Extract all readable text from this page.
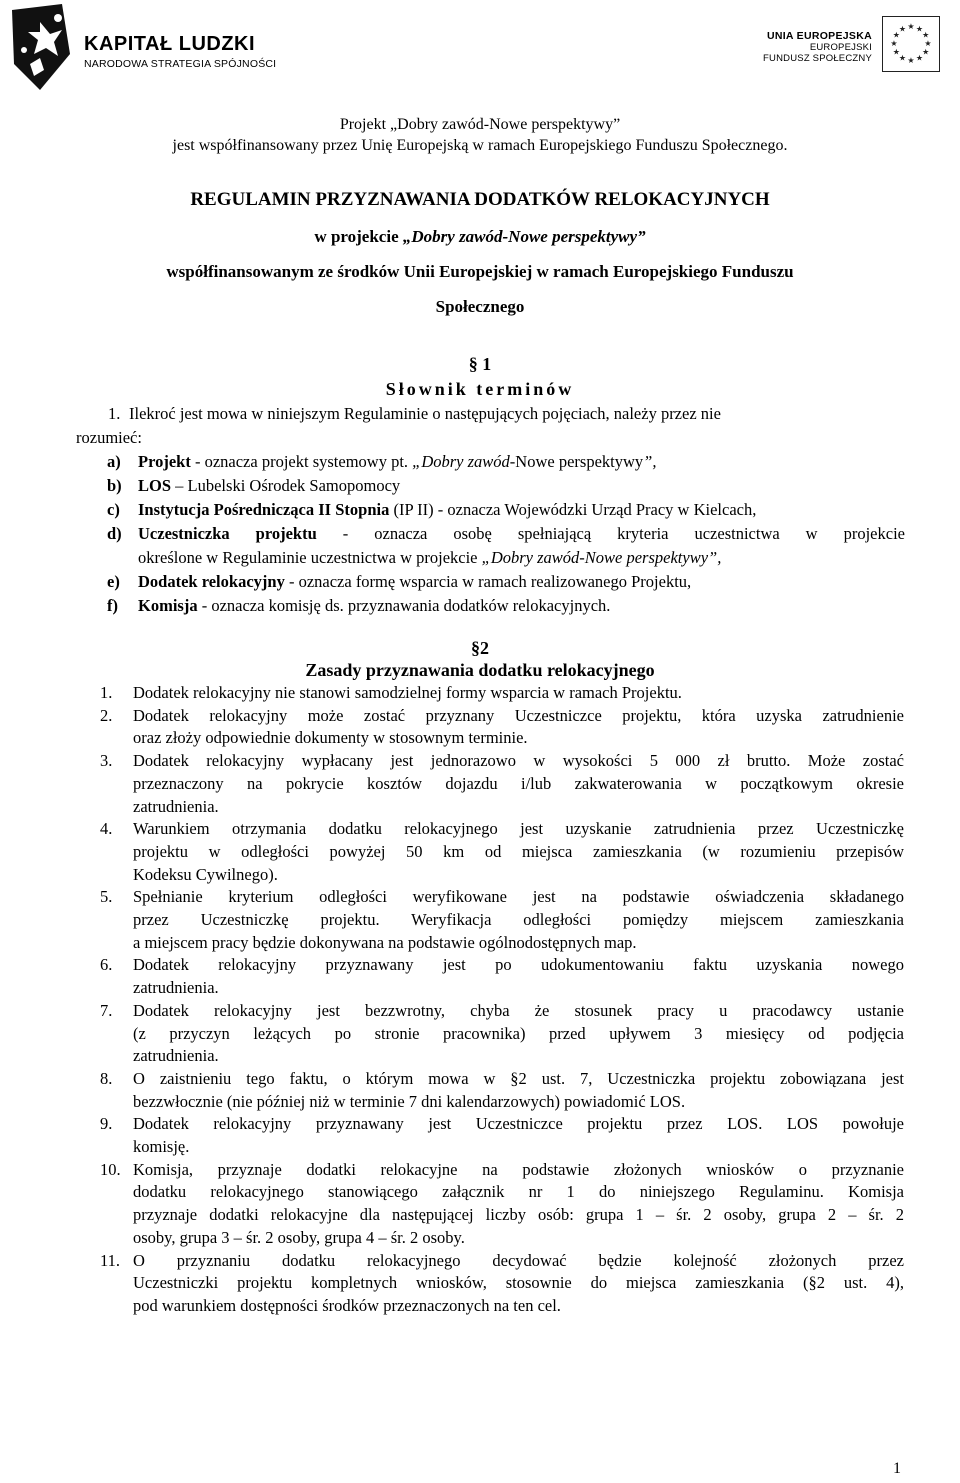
KAPITAŁ LUDZKI
NARODOWA STRATEGIA SPÓJNOŚCI
UNIA EUROPEJSKA
EUROPEJSKI
FUNDUSZ SPOŁECZNY
★ ★
★
★
★
★
★
★
★
★
★
★
Projekt „Dobry zawód-Nowe perspektywy”
jest współfinansowany przez Unię Europejską w ramach Europejskiego Funduszu Społecznego.
REGULAMIN PRZYZNAWANIA DODATKÓW RELOKACYJNYCH
w projekcie „Dobry zawód-Nowe perspektywy”
współfinansowanym ze środków Unii Europejskiej w ramach Europejskiego Funduszu
Społecznego
§ 1
Słownik terminów
1. Ilekroć jest mowa w niniejszym Regulaminie o następujących pojęciach, należy przez nie
rozumieć:
a) Projekt - oznacza projekt systemowy pt. „Dobry zawód-Nowe perspektywy”,
b) LOS – Lubelski Ośrodek Samopomocy
c) Instytucja Pośrednicząca II Stopnia (IP II) - oznacza Wojewódzki Urząd Pracy w Kielcach,
d) Uczestniczka projektu - oznacza osobę spełniającą kryteria uczestnictwa w projekcie
określone w Regulaminie uczestnictwa w projekcie „Dobry zawód-Nowe perspektywy”,
e) Dodatek relokacyjny - oznacza formę wsparcia w ramach realizowanego Projektu,
f) Komisja - oznacza komisję ds. przyznawania dodatków relokacyjnych.
§2
Zasady przyznawania dodatku relokacyjnego
1. Dodatek relokacyjny nie stanowi samodzielnej formy wsparcia w ramach Projektu.
2. Dodatek relokacyjny może zostać przyznany Uczestniczce projektu, która uzyska zatrudnienie
oraz złoży odpowiednie dokumenty w stosownym terminie.
3. Dodatek relokacyjny wypłacany jest jednorazowo w wysokości 5 000 zł brutto. Może zostać
przeznaczony na pokrycie kosztów dojazdu i/lub zakwaterowania w początkowym okresie
zatrudnienia.
4. Warunkiem otrzymania dodatku relokacyjnego jest uzyskanie zatrudnienia przez Uczestniczkę
projektu w odległości powyżej 50 km od miejsca zamieszkania (w rozumieniu przepisów
Kodeksu Cywilnego).
5. Spełnianie kryterium odległości weryfikowane jest na podstawie oświadczenia składanego
przez Uczestniczkę projektu. Weryfikacja odległości pomiędzy miejscem zamieszkania
a miejscem pracy będzie dokonywana na podstawie ogólnodostępnych map.
6. Dodatek relokacyjny przyznawany jest po udokumentowaniu faktu uzyskania nowego
zatrudnienia.
7. Dodatek relokacyjny jest bezzwrotny, chyba że stosunek pracy u pracodawcy ustanie
(z przyczyn leżących po stronie pracownika) przed upływem 3 miesięcy od podjęcia
zatrudnienia.
8. O zaistnieniu tego faktu, o którym mowa w §2 ust. 7, Uczestniczka projektu zobowiązana jest
bezzwłocznie (nie później niż w terminie 7 dni kalendarzowych) powiadomić LOS.
9. Dodatek relokacyjny przyznawany jest Uczestniczce projektu przez LOS. LOS powołuje
komisję.
10. Komisja, przyznaje dodatki relokacyjne na podstawie złożonych wniosków o przyznanie
dodatku relokacyjnego stanowiącego załącznik nr 1 do niniejszego Regulaminu. Komisja
przyznaje dodatki relokacyjne dla następującej liczby osób: grupa 1 – śr. 2 osoby, grupa 2 – śr. 2
osoby, grupa 3 – śr. 2 osoby, grupa 4 – śr. 2 osoby.
11. O przyznaniu dodatku relokacyjnego decydować będzie kolejność złożonych przez
Uczestniczki projektu kompletnych wniosków, stosownie do miejsca zamieszkania (§2 ust. 4),
pod warunkiem dostępności środków przeznaczonych na ten cel.
1
